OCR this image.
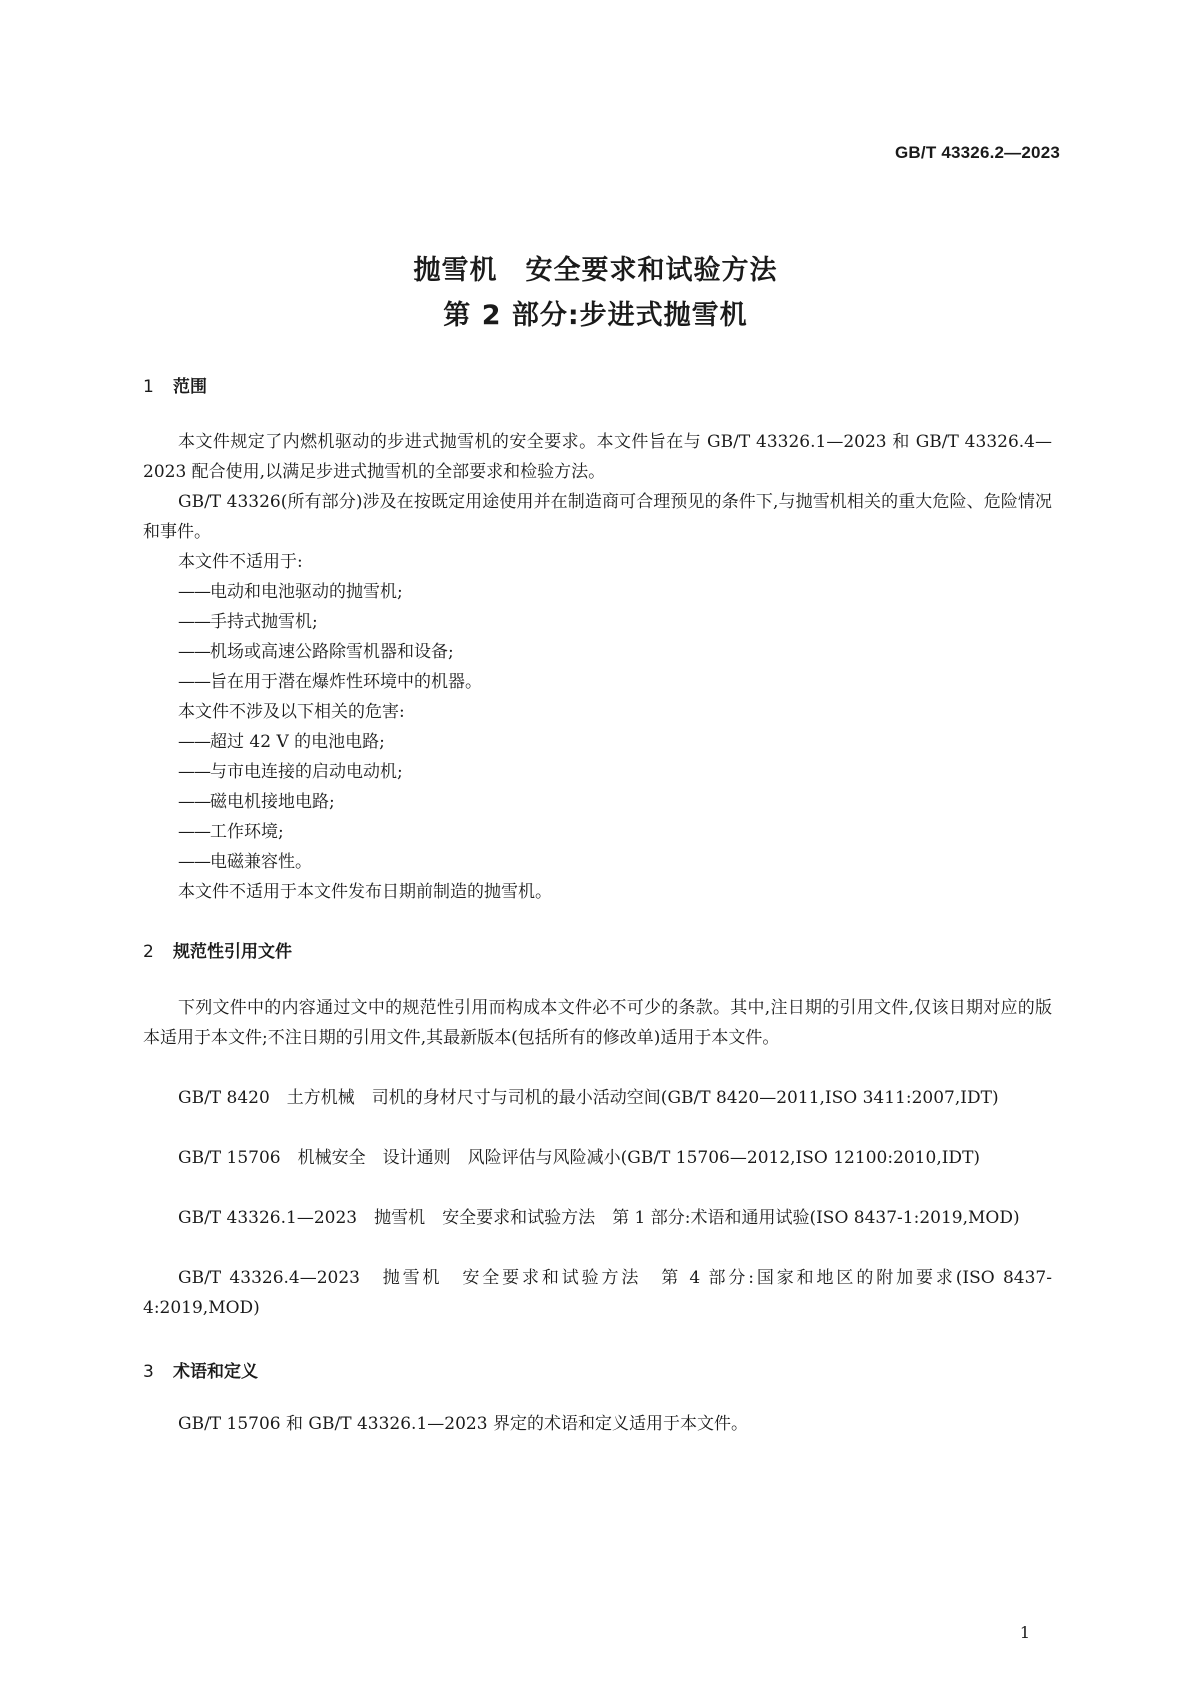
GB/T 43326.2—2023
抛雪机　安全要求和试验方法
第 2 部分:步进式抛雪机
1 范围
本文件规定了内燃机驱动的步进式抛雪机的安全要求。本文件旨在与 GB/T 43326.1—2023 和 GB/T 43326.4—2023 配合使用,以满足步进式抛雪机的全部要求和检验方法。
GB/T 43326(所有部分)涉及在按既定用途使用并在制造商可合理预见的条件下,与抛雪机相关的重大危险、危险情况和事件。
本文件不适用于:
—— 电动和电池驱动的抛雪机;
—— 手持式抛雪机;
—— 机场或高速公路除雪机器和设备;
—— 旨在用于潜在爆炸性环境中的机器。
本文件不涉及以下相关的危害:
—— 超过 42 V 的电池电路;
—— 与市电连接的启动电动机;
—— 磁电机接地电路;
—— 工作环境;
—— 电磁兼容性。
本文件不适用于本文件发布日期前制造的抛雪机。
2 规范性引用文件
下列文件中的内容通过文中的规范性引用而构成本文件必不可少的条款。其中,注日期的引用文件,仅该日期对应的版本适用于本文件;不注日期的引用文件,其最新版本(包括所有的修改单)适用于本文件。
GB/T 8420　土方机械　司机的身材尺寸与司机的最小活动空间(GB/T 8420—2011,ISO 3411:2007,IDT)
GB/T 15706　机械安全　设计通则　风险评估与风险减小(GB/T 15706—2012,ISO 12100:2010,IDT)
GB/T 43326.1—2023　抛雪机　安全要求和试验方法　第 1 部分:术语和通用试验(ISO 8437-1:2019,MOD)
GB/T 43326.4—2023　抛雪机　安全要求和试验方法　第 4 部分:国家和地区的附加要求(ISO 8437-4:2019,MOD)
3 术语和定义
GB/T 15706 和 GB/T 43326.1—2023 界定的术语和定义适用于本文件。
1
